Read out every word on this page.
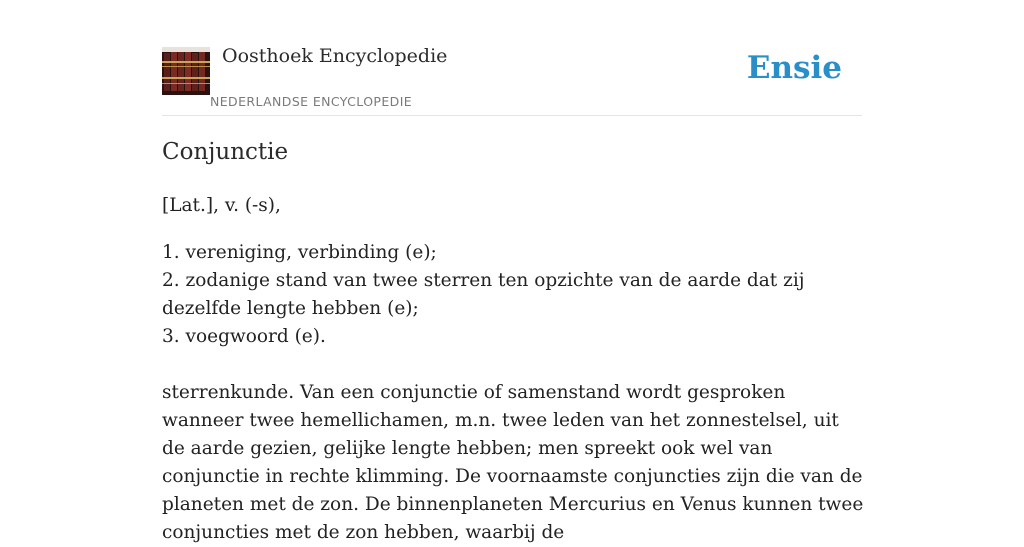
Oosthoek Encyclopedie
NEDERLANDSE ENCYCLOPEDIE
Ensie
Conjunctie

[Lat.], v. (-s),

1. vereniging, verbinding (e);
2. zodanige stand van twee sterren ten opzichte van de aarde dat zij dezelfde lengte hebben (e);
3. voegwoord (e).

sterrenkunde. Van een conjunctie of samenstand wordt gesproken wanneer twee hemellichamen, m.n. twee leden van het zonnestelsel, uit de aarde gezien, gelijke lengte hebben; men spreekt ook wel van conjunctie in rechte klimming. De voornaamste conjuncties zijn die van de planeten met de zon. De binnenplaneten Mercurius en Venus kunnen twee conjuncties met de zon hebben, waarbij de
